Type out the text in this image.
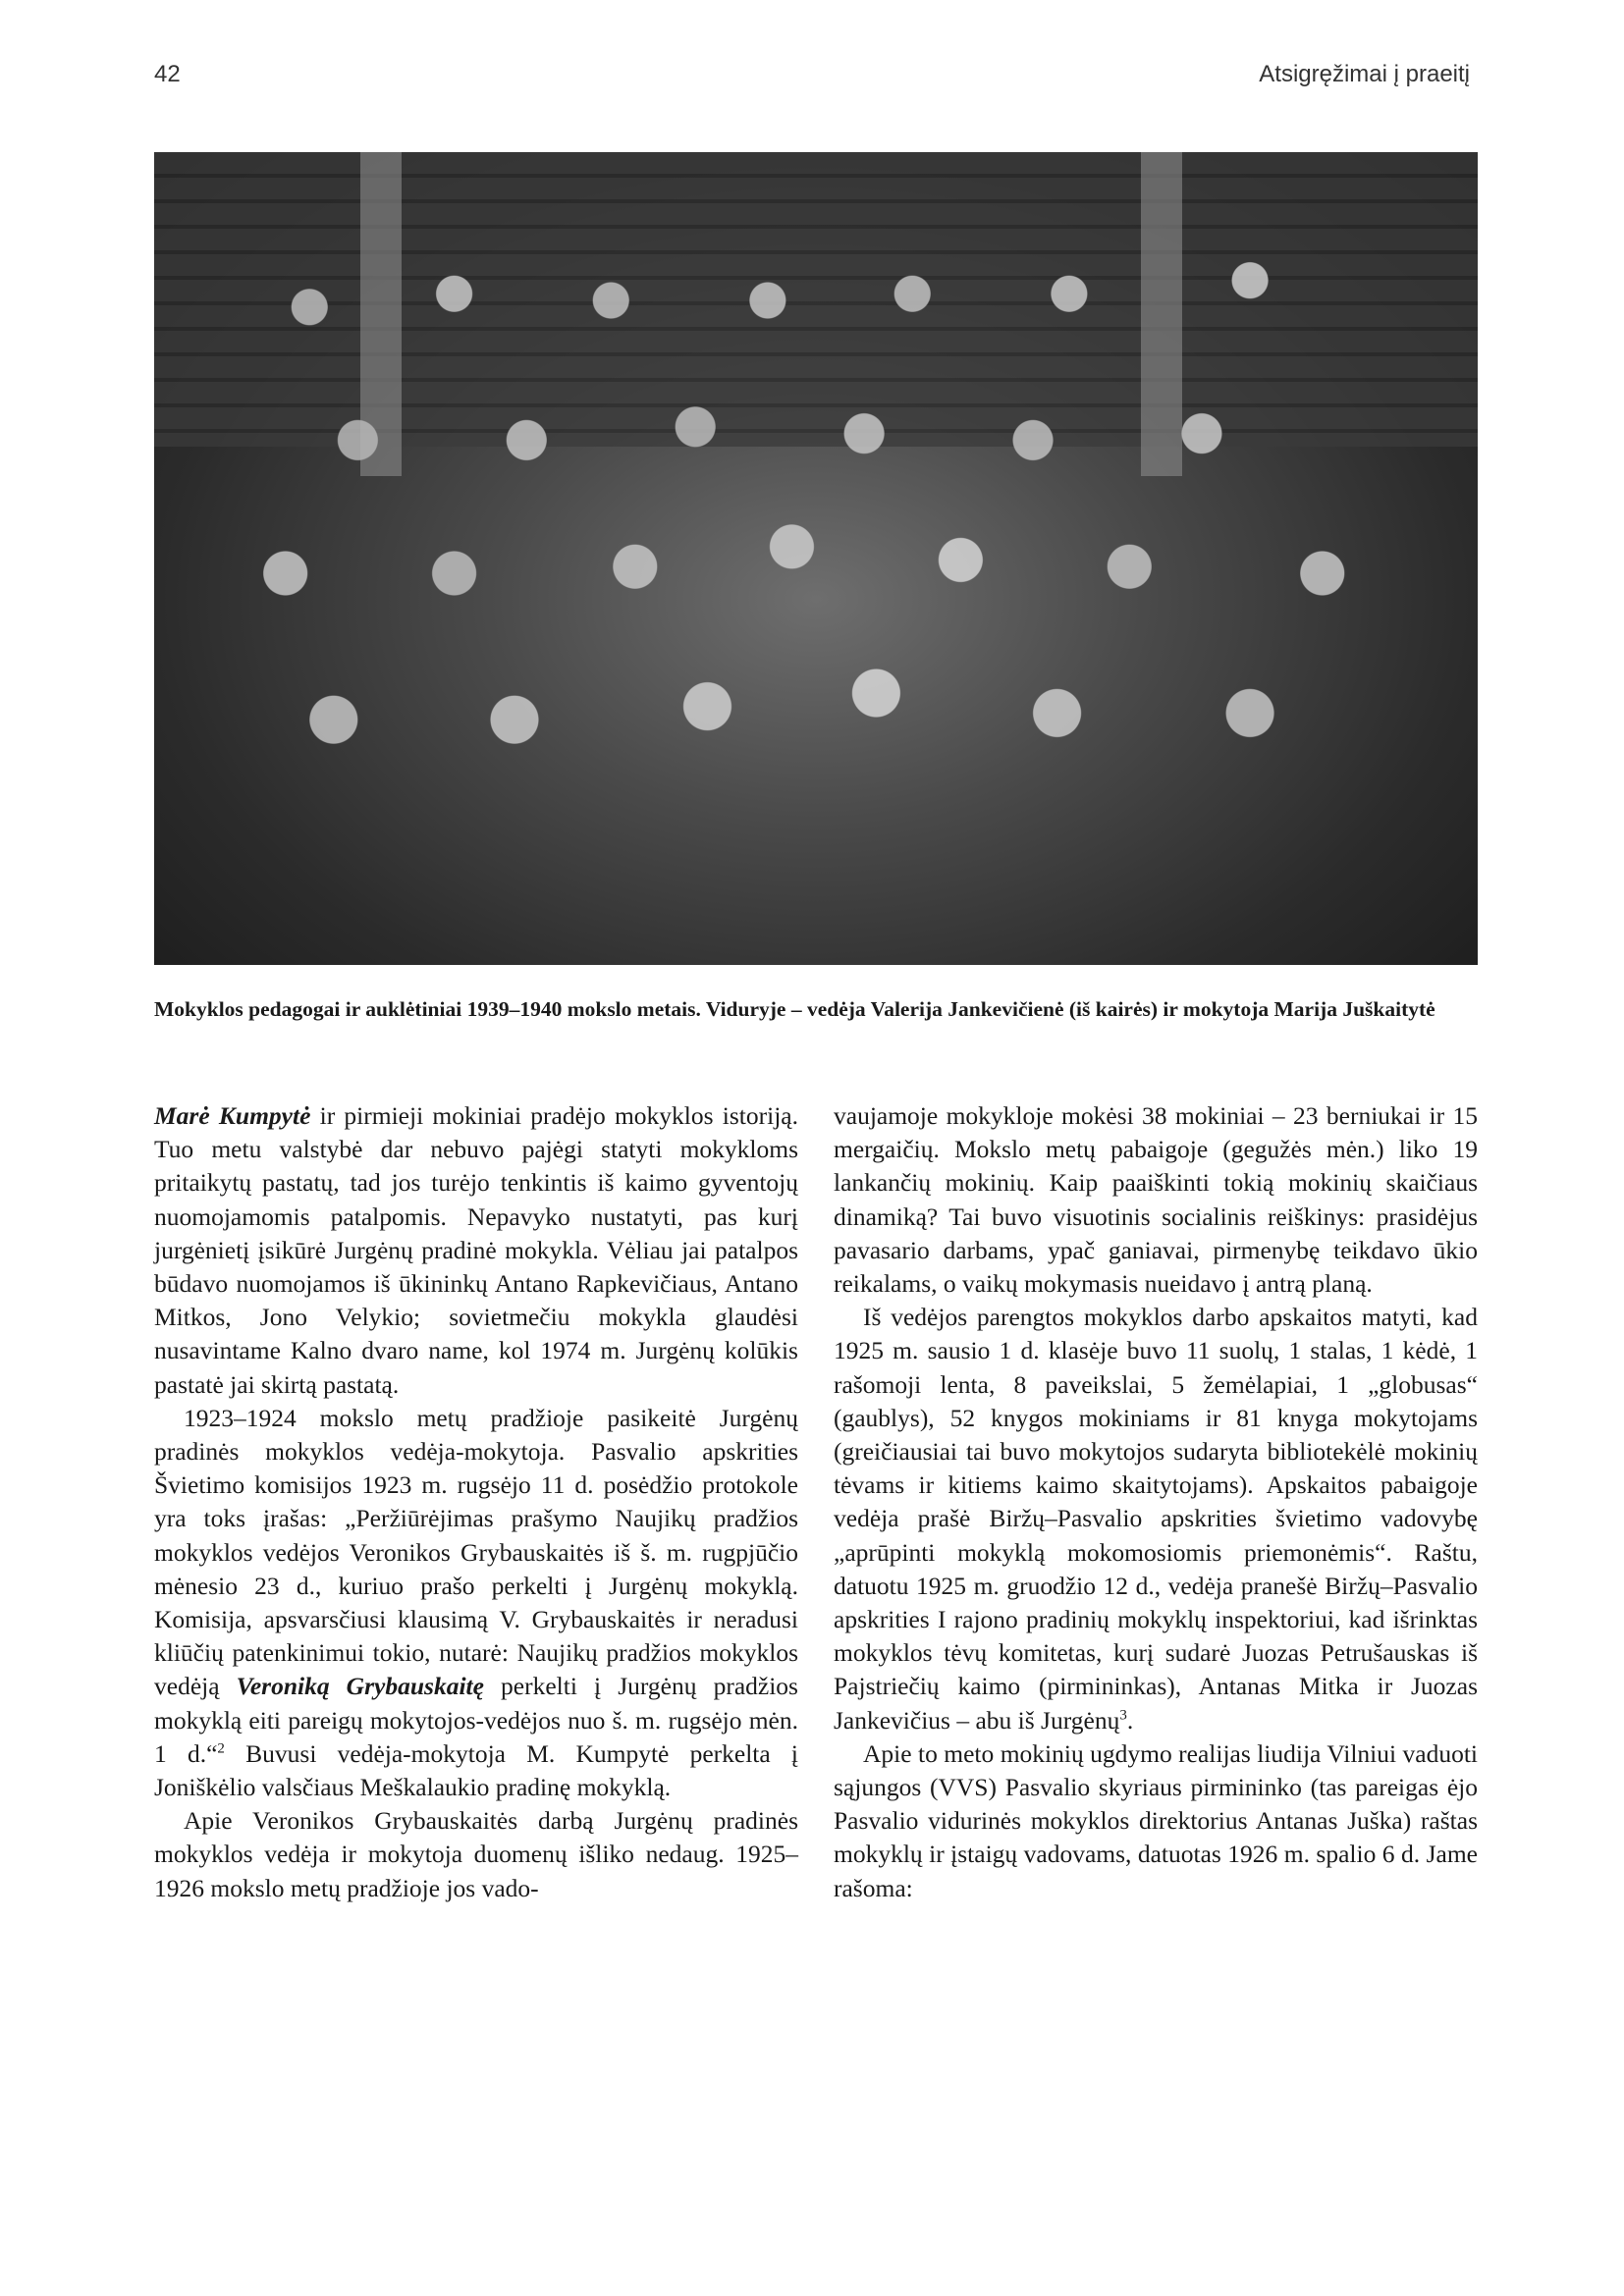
42	Atsigręžimai į praeitį
Mokyklos pedagogai ir auklėtiniai 1939–1940 mokslo metais. Viduryje – vedėja Valerija Jankevičienė (iš kairės) ir mokytoja Marija Juškaitytė

Marė Kumpytė ir pirmieji mokiniai pradėjo mokyklos istoriją. Tuo metu valstybė dar nebuvo pajėgi statyti mokykloms pritaikytų pastatų, tad jos turėjo tenkintis iš kaimo gyventojų nuomojamomis patalpomis. Nepavyko nustatyti, pas kurį jurgėnietį įsikūrė Jurgėnų pradinė mokykla. Vėliau jai patalpos būdavo nuomojamos iš ūkininkų Antano Rapkevičiaus, Antano Mitkos, Jono Velykio; sovietmečiu mokykla glaudėsi nusavintame Kalno dvaro name, kol 1974 m. Jurgėnų kolūkis pastatė jai skirtą pastatą.

1923–1924 mokslo metų pradžioje pasikeitė Jurgėnų pradinės mokyklos vedėja-mokytoja. Pasvalio apskrities Švietimo komisijos 1923 m. rugsėjo 11 d. posėdžio protokole yra toks įrašas: „Peržiūrėjimas prašymo Naujikų pradžios mokyklos vedėjos Veronikos Grybauskaitės iš š. m. rugpjūčio mėnesio 23 d., kuriuo prašo perkelti į Jurgėnų mokyklą. Komisija, apsvarsčiusi klausimą V. Grybauskaitės ir neradusi kliūčių patenkinimui tokio, nutarė: Naujikų pradžios mokyklos vedėją Veroniką Grybauskaitę perkelti į Jurgėnų pradžios mokyklą eiti pareigų mokytojos-vedėjos nuo š. m. rugsėjo mėn. 1 d.“$^2$ Buvusi vedėja-mokytoja M. Kumpytė perkelta į Joniškėlio valsčiaus Meškalaukio pradinę mokyklą.

Apie Veronikos Grybauskaitės darbą Jurgėnų pradinės mokyklos vedėja ir mokytoja duomenų išliko nedaug. 1925–1926 mokslo metų pradžioje jos vado-

vaujamoje mokykloje mokėsi 38 mokiniai – 23 berniukai ir 15 mergaičių. Mokslo metų pabaigoje (gegužės mėn.) liko 19 lankančių mokinių. Kaip paaiškinti tokią mokinių skaičiaus dinamiką? Tai buvo visuotinis socialinis reiškinys: prasidėjus pavasario darbams, ypač ganiavai, pirmenybę teikdavo ūkio reikalams, o vaikų mokymasis nueidavo į antrą planą.

Iš vedėjos parengtos mokyklos darbo apskaitos matyti, kad 1925 m. sausio 1 d. klasėje buvo 11 suolų, 1 stalas, 1 kėdė, 1 rašomoji lenta, 8 paveikslai, 5 žemėlapiai, 1 „globusas“ (gaublys), 52 knygos mokiniams ir 81 knyga mokytojams (greičiausiai tai buvo mokytojos sudaryta bibliotekėlė mokinių tėvams ir kitiems kaimo skaitytojams). Apskaitos pabaigoje vedėja prašė Biržų–Pasvalio apskrities švietimo vadovybę „aprūpinti mokyklą mokomosiomis priemonėmis“. Raštu, datuotu 1925 m. gruodžio 12 d., vedėja pranešė Biržų–Pasvalio apskrities I rajono pradinių mokyklų inspektoriui, kad išrinktas mokyklos tėvų komitetas, kurį sudarė Juozas Petrušauskas iš Pajstriečių kaimo (pirmininkas), Antanas Mitka ir Juozas Jankevičius – abu iš Jurgėnų$^3$.

Apie to meto mokinių ugdymo realijas liudija Vilniui vaduoti sąjungos (VVS) Pasvalio skyriaus pirmininko (tas pareigas ėjo Pasvalio vidurinės mokyklos direktorius Antanas Juška) raštas mokyklų ir įstaigų vadovams, datuotas 1926 m. spalio 6 d. Jame rašoma:
